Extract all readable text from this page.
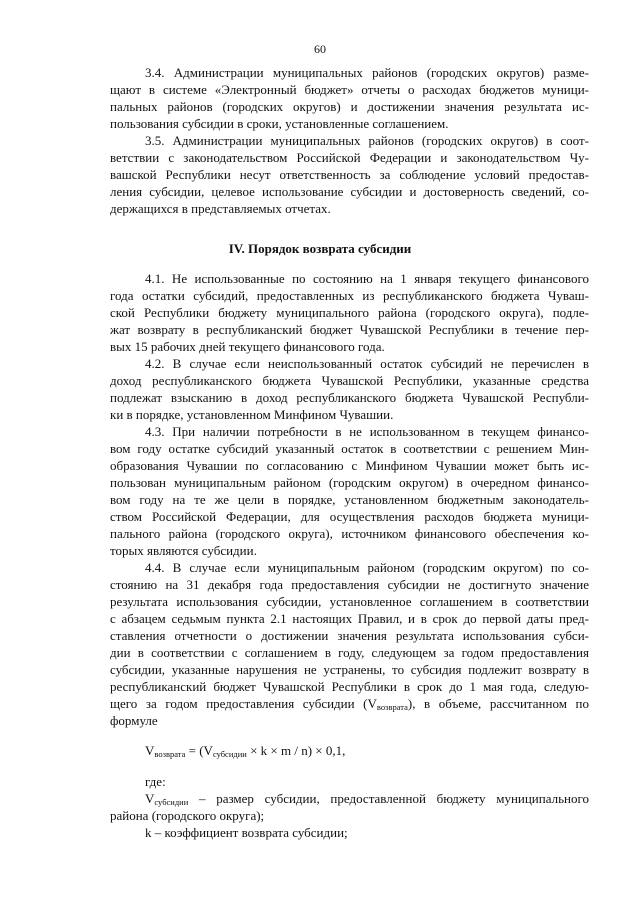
60
3.4. Администрации муниципальных районов (городских округов) разме-
щают в системе «Электронный бюджет» отчеты о расходах бюджетов муници-
пальных районов (городских округов) и достижении значения результата ис-
пользования субсидии в сроки, установленные соглашением.
3.5. Администрации муниципальных районов (городских округов) в соот-
ветствии с законодательством Российской Федерации и законодательством Чу-
вашской Республики несут ответственность за соблюдение условий предостав-
ления субсидии, целевое использование субсидии и достоверность сведений, со-
держащихся в представляемых отчетах.
IV. Порядок возврата субсидии
4.1. Не использованные по состоянию на 1 января текущего финансового
года остатки субсидий, предоставленных из республиканского бюджета Чуваш-
ской Республики бюджету муниципального района (городского округа), подле-
жат возврату в республиканский бюджет Чувашской Республики в течение пер-
вых 15 рабочих дней текущего финансового года.
4.2. В случае если неиспользованный остаток субсидий не перечислен в
доход республиканского бюджета Чувашской Республики, указанные средства
подлежат взысканию в доход республиканского бюджета Чувашской Республи-
ки в порядке, установленном Минфином Чувашии.
4.3. При наличии потребности в не использованном в текущем финансо-
вом году остатке субсидий указанный остаток в соответствии с решением Мин-
образования Чувашии по согласованию с Минфином Чувашии может быть ис-
пользован муниципальным районом (городским округом) в очередном финансо-
вом году на те же цели в порядке, установленном бюджетным законодатель-
ством Российской Федерации, для осуществления расходов бюджета муници-
пального района (городского округа), источником финансового обеспечения ко-
торых являются субсидии.
4.4. В случае если муниципальным районом (городским округом) по со-
стоянию на 31 декабря года предоставления субсидии не достигнуто значение
результата использования субсидии, установленное соглашением в соответствии
с абзацем седьмым пункта 2.1 настоящих Правил, и в срок до первой даты пред-
ставления отчетности о достижении значения результата использования субси-
дии в соответствии с соглашением в году, следующем за годом предоставления
субсидии, указанные нарушения не устранены, то субсидия подлежит возврату в
республиканский бюджет Чувашской Республики в срок до 1 мая года, следую-
щего за годом предоставления субсидии $(V_{возврата})$, в объеме, рассчитанном по
формуле
$V_{возврата} = (V_{субсидии} \times k \times m / n) \times 0,1$,
где:
$V_{субсидии}$ – размер субсидии, предоставленной бюджету муниципального
района (городского округа);
k – коэффициент возврата субсидии;
